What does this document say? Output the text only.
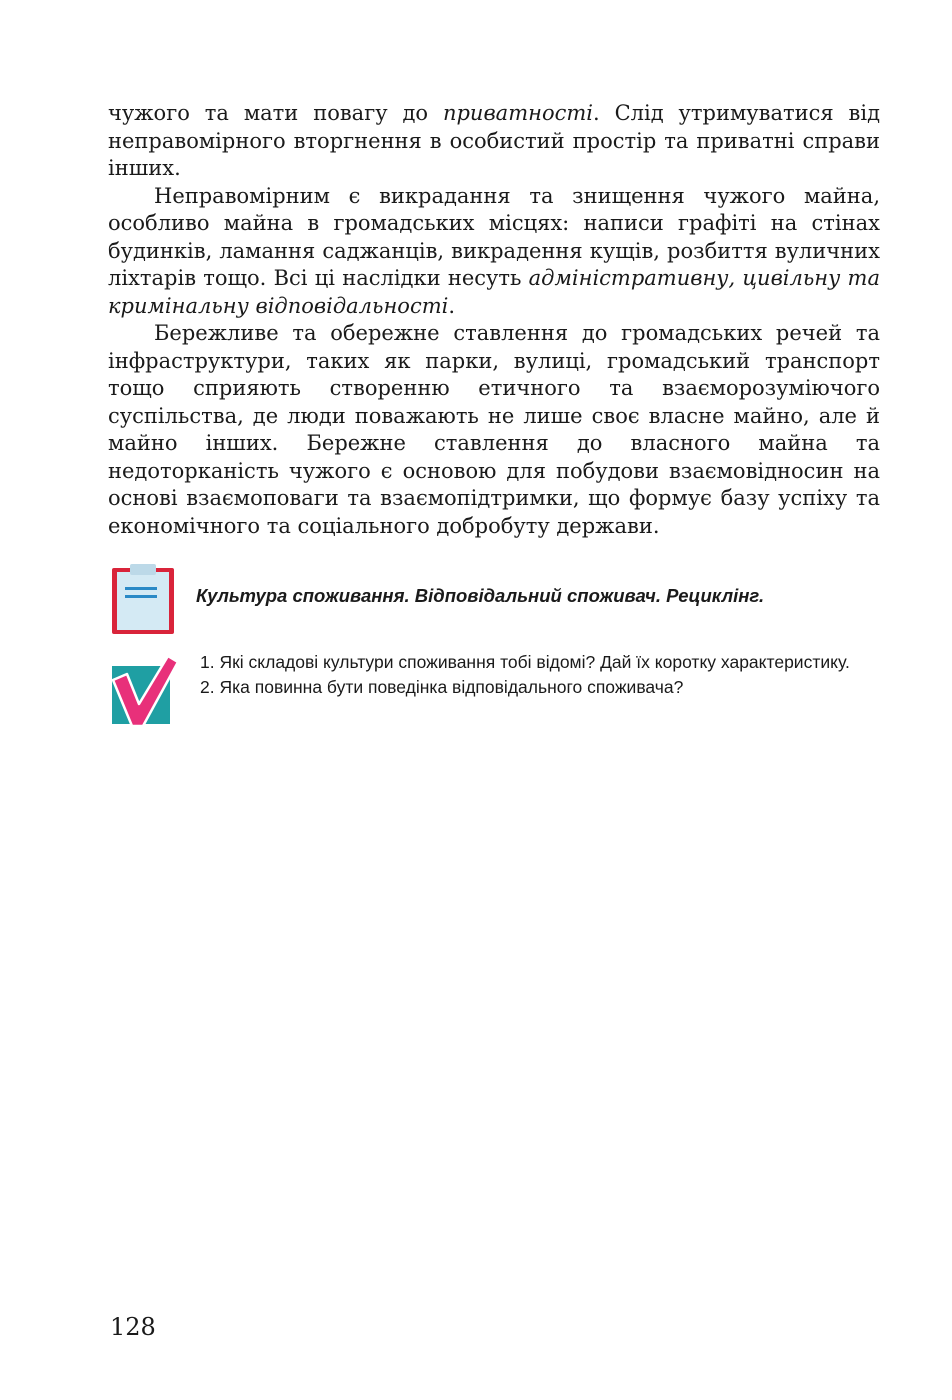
чужого та мати повагу до приватності. Слід утримуватися від неправомірного вторгнення в особистий простір та приватні справи інших.

Неправомірним є викрадання та знищення чужого майна, особливо майна в громадських місцях: написи графіті на стінах будинків, ламання саджанців, викрадення кущів, розбиття вуличних ліхтарів тощо. Всі ці наслідки несуть адміністративну, цивільну та кримінальну відповідальності.

Бережливе та обережне ставлення до громадських речей та інфраструктури, таких як парки, вулиці, громадський транспорт тощо сприяють створенню етичного та взаєморозуміючого суспільства, де люди поважають не лише своє власне майно, але й майно інших. Бережне ставлення до власного майна та недоторканість чужого є основою для побудови взаємовідносин на основі взаємоповаги та взаємопідтримки, що формує базу успіху та економічного та соціального добробуту держави.

Культура споживання. Відповідальний споживач. Рециклінг.
1. Які складові культури споживання тобі відомі? Дай їх коротку характеристику.
2. Яка повинна бути поведінка відповідального споживача?
128
